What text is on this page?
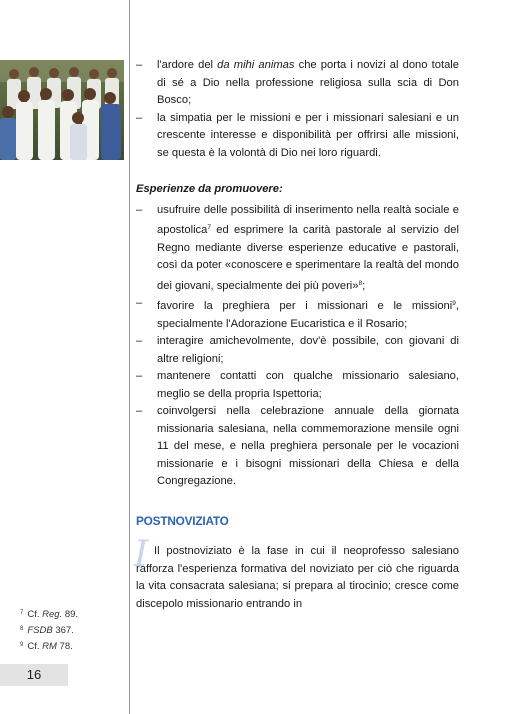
– l'ardore del da mihi animas che porta i novizi al dono totale di sé a Dio nella professione religiosa sulla scia di Don Bosco;
– la simpatia per le missioni e per i missionari salesiani e un crescente interesse e disponibilità per offrirsi alle missioni, se questa è la volontà di Dio nei loro riguardi.
Esperienze da promuovere:
– usufruire delle possibilità di inserimento nella realtà sociale e apostolica$^7$ ed esprimere la carità pastorale al servizio del Regno mediante diverse esperienze educative e pastorali, così da poter «conoscere e sperimentare la realtà del mondo dei giovani, specialmente dei più poveri»$^8$;
– favorire la preghiera per i missionari e le missioni$^9$, specialmente l'Adorazione Eucaristica e il Rosario;
– interagire amichevolmente, dov'è possibile, con giovani di altre religioni;
– mantenere contatti con qualche missionario salesiano, meglio se della propria Ispettoria;
– coinvolgersi nella celebrazione annuale della giornata missionaria salesiana, nella commemorazione mensile ogni 11 del mese, e nella preghiera personale per le vocazioni missionarie e i bisogni missionari della Chiesa e della Congregazione.
POSTNOVIZIATO
I Il postnoviziato è la fase in cui il neoprofesso salesiano rafforza l'esperienza formativa del noviziato per ciò che riguarda la vita consacrata salesiana; si prepara al tirocinio; cresce come discepolo missionario entrando in
$^7$ Cf. Reg. 89.
$^8$ FSDB 367.
$^9$ Cf. RM 78.
16
